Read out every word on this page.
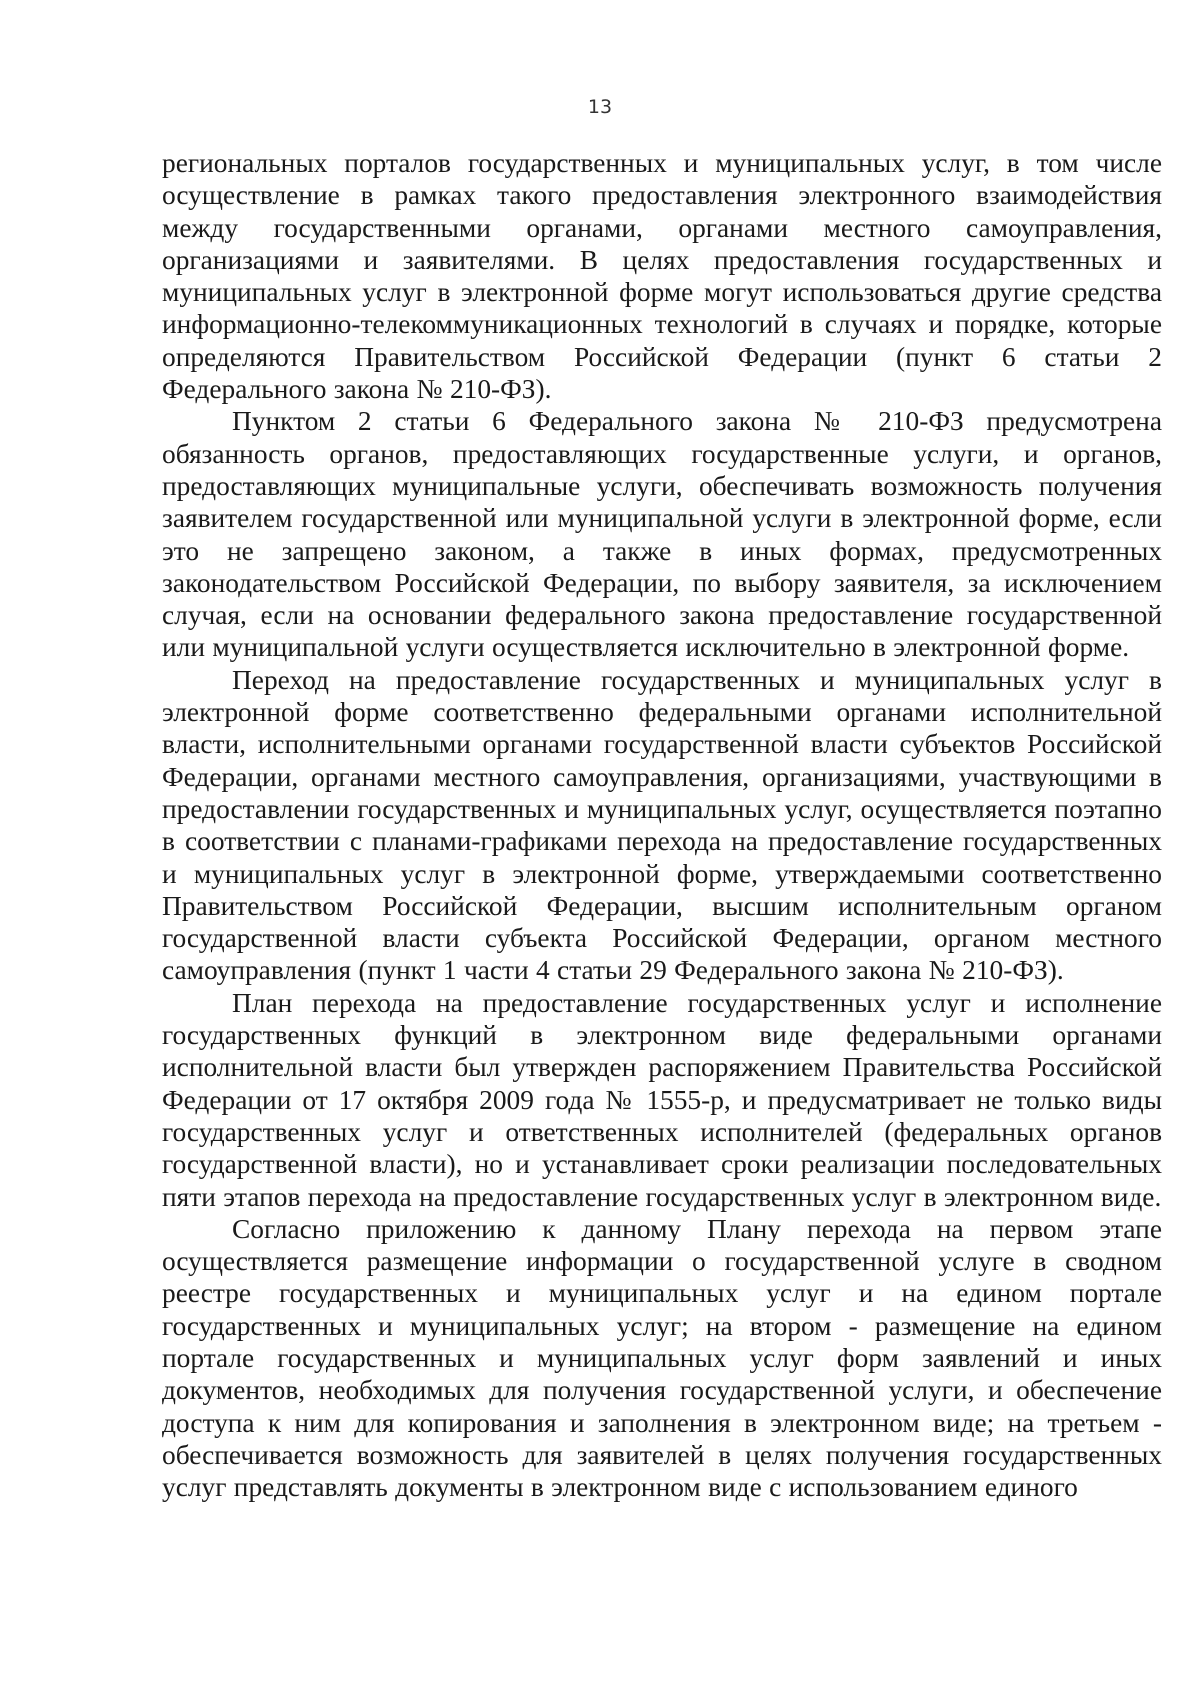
13

региональных порталов государственных и муниципальных услуг, в том числе осуществление в рамках такого предоставления электронного взаимодействия между государственными органами, органами местного самоуправления, организациями и заявителями. В целях предоставления государственных и муниципальных услуг в электронной форме могут использоваться другие средства информационно-телекоммуникационных технологий в случаях и порядке, которые определяются Правительством Российской Федерации (пункт 6 статьи 2 Федерального закона № 210-ФЗ).

Пунктом 2 статьи 6 Федерального закона № 210-ФЗ предусмотрена обязанность органов, предоставляющих государственные услуги, и органов, предоставляющих муниципальные услуги, обеспечивать возможность получения заявителем государственной или муниципальной услуги в электронной форме, если это не запрещено законом, а также в иных формах, предусмотренных законодательством Российской Федерации, по выбору заявителя, за исключением случая, если на основании федерального закона предоставление государственной или муниципальной услуги осуществляется исключительно в электронной форме.

Переход на предоставление государственных и муниципальных услуг в электронной форме соответственно федеральными органами исполнительной власти, исполнительными органами государственной власти субъектов Российской Федерации, органами местного самоуправления, организациями, участвующими в предоставлении государственных и муниципальных услуг, осуществляется поэтапно в соответствии с планами-графиками перехода на предоставление государственных и муниципальных услуг в электронной форме, утверждаемыми соответственно Правительством Российской Федерации, высшим исполнительным органом государственной власти субъекта Российской Федерации, органом местного самоуправления (пункт 1 части 4 статьи 29 Федерального закона № 210-ФЗ).

План перехода на предоставление государственных услуг и исполнение государственных функций в электронном виде федеральными органами исполнительной власти был утвержден распоряжением Правительства Российской Федерации от 17 октября 2009 года № 1555-р, и предусматривает не только виды государственных услуг и ответственных исполнителей (федеральных органов государственной власти), но и устанавливает сроки реализации последовательных пяти этапов перехода на предоставление государственных услуг в электронном виде.

Согласно приложению к данному Плану перехода на первом этапе осуществляется размещение информации о государственной услуге в сводном реестре государственных и муниципальных услуг и на едином портале государственных и муниципальных услуг; на втором - размещение на едином портале государственных и муниципальных услуг форм заявлений и иных документов, необходимых для получения государственной услуги, и обеспечение доступа к ним для копирования и заполнения в электронном виде; на третьем - обеспечивается возможность для заявителей в целях получения государственных услуг представлять документы в электронном виде с использованием единого
